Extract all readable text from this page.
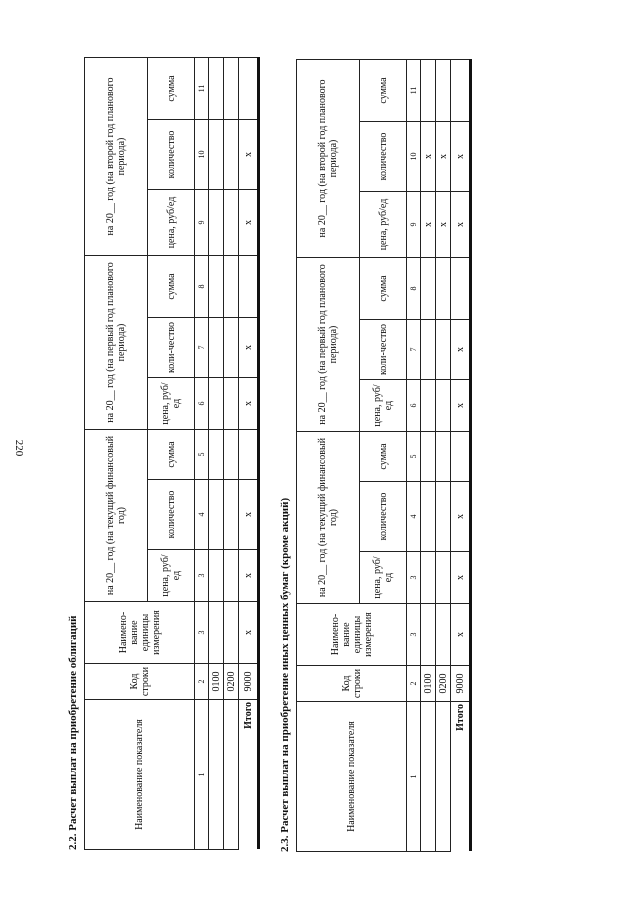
220
2.2. Расчет выплат на приобретение облигаций	Наименование показателя	Код строки	Наимено-вание единицы измерения	на 20__ год (на текущий финансовый год)			на 20__ год (на первый год планового периода)			на 20__ год (на второй год планового периода)		
			цена, руб/ед	количество	сумма	цена, руб/ед	коли-чество	сумма	цена, руб/ед	количество	сумма
1	2	3	3	4	5	6	7	8	9	10	11
	0100										
	0200										
Итого	9000	x	x	x		x	x		x	x	
2.3. Расчет выплат на приобретение иных ценных бумаг (кроме акций)	Наименование показателя	Код строки	Наимено-вание единицы измерения	на 20__ год (на текущий финансовый год)			на 20__ год (на первый год планового периода)			на 20__ год (на второй год планового периода)		
			цена, руб/ед	количество	сумма	цена, руб/ед	коли-чество	сумма	цена, руб/ед	количество	сумма
1	2	3	3	4	5	6	7	8	9	10	11
	0100								x	x	
	0200								x	x	
Итого	9000	x	x	x		x	x		x	x	
